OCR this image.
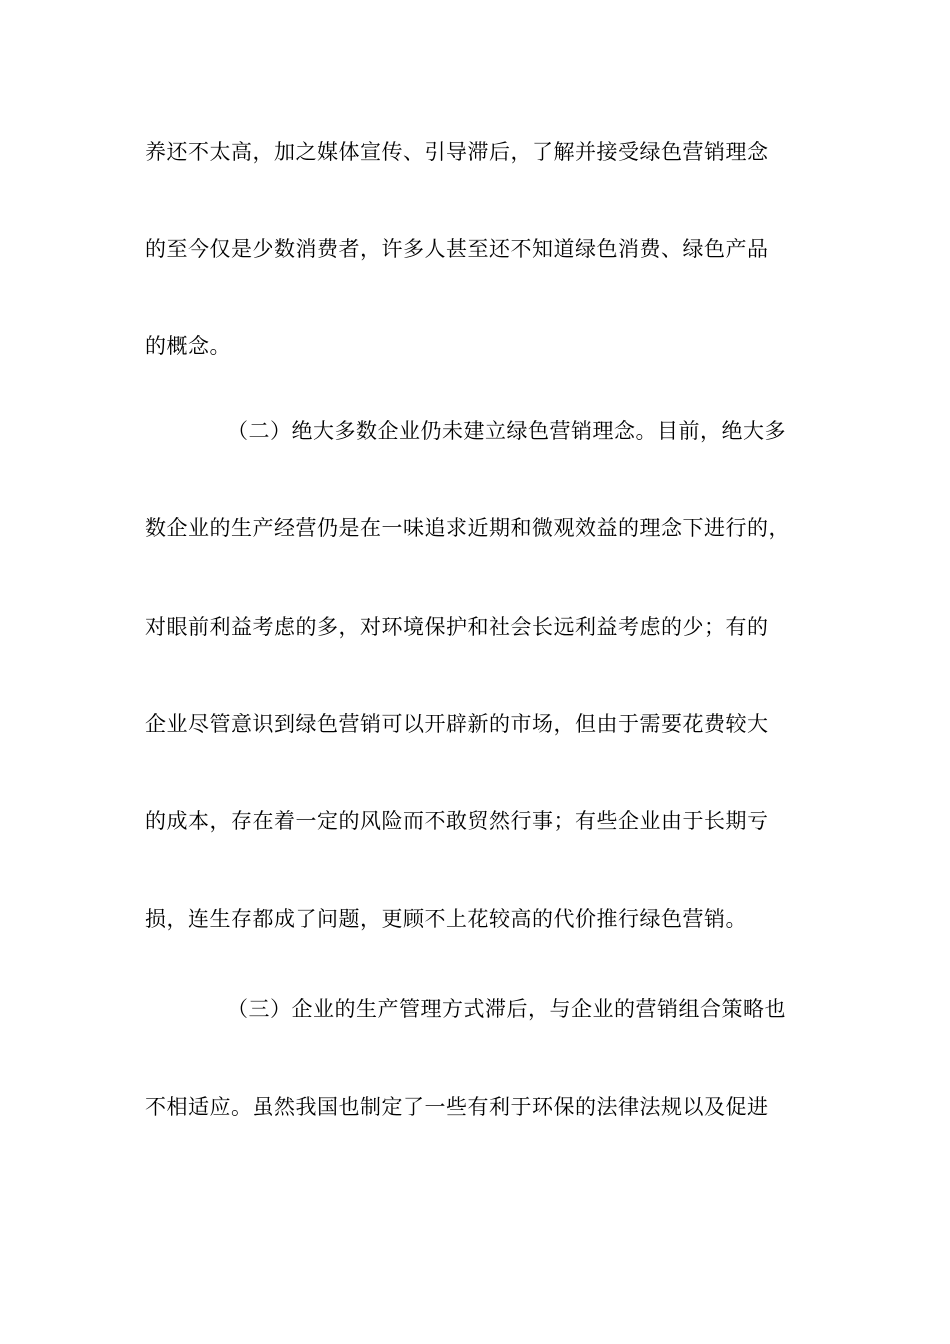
养还不太高，加之媒体宣传、引导滞后，了解并接受绿色营销理念
的至今仅是少数消费者，许多人甚至还不知道绿色消费、绿色产品
的概念。
（二）绝大多数企业仍未建立绿色营销理念。目前，绝大多
数企业的生产经营仍是在一味追求近期和微观效益的理念下进行的，
对眼前利益考虑的多，对环境保护和社会长远利益考虑的少；有的
企业尽管意识到绿色营销可以开辟新的市场，但由于需要花费较大
的成本，存在着一定的风险而不敢贸然行事；有些企业由于长期亏
损，连生存都成了问题，更顾不上花较高的代价推行绿色营销。
（三）企业的生产管理方式滞后，与企业的营销组合策略也
不相适应。虽然我国也制定了一些有利于环保的法律法规以及促进
